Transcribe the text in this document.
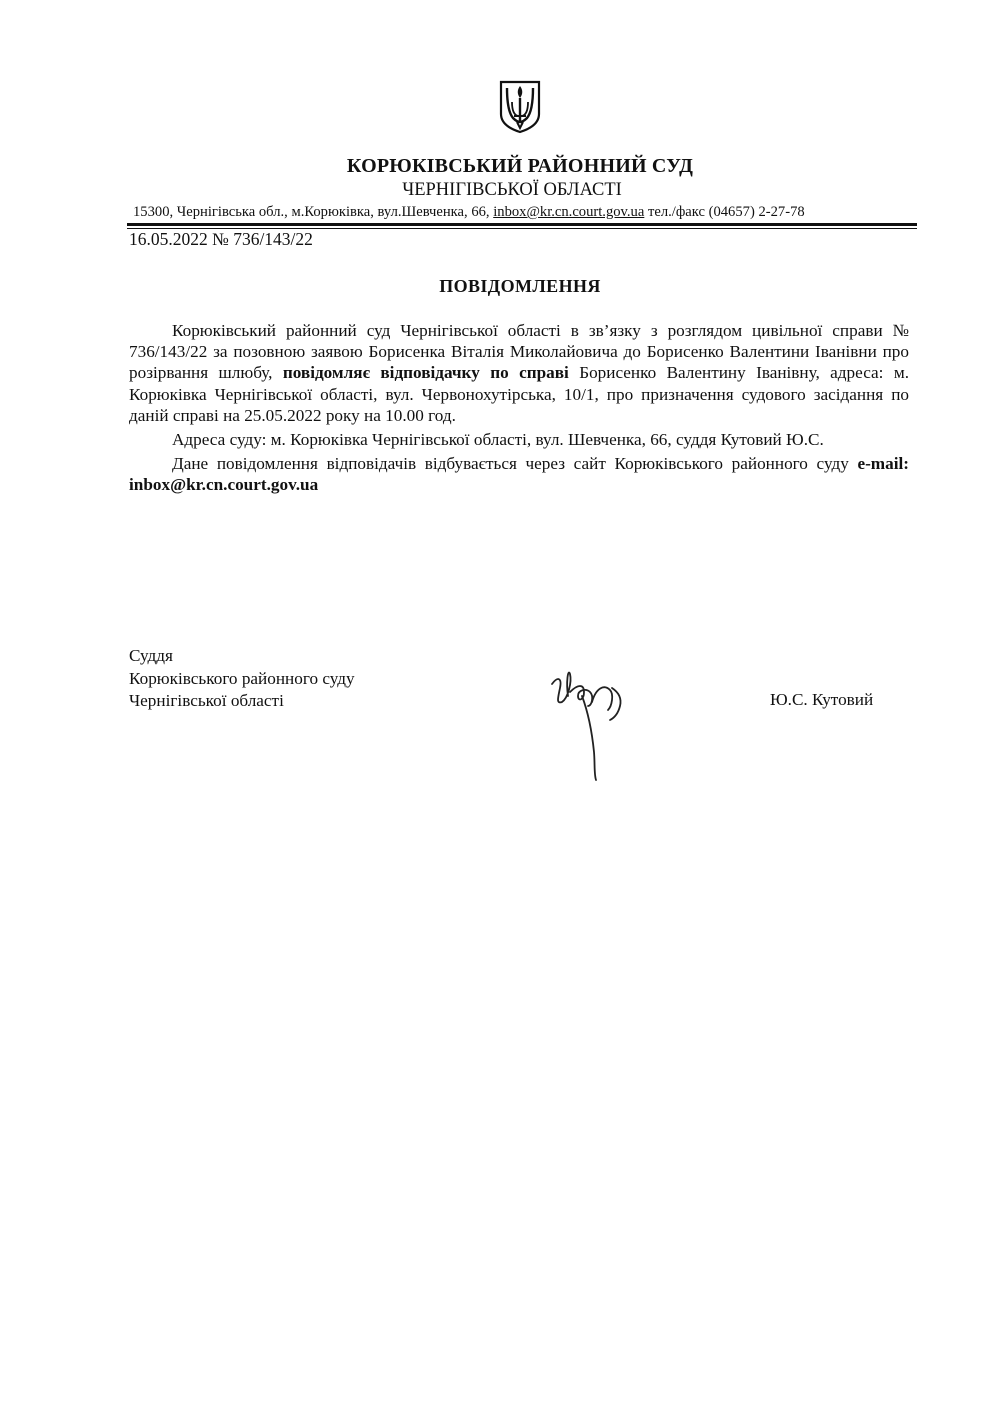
КОРЮКІВСЬКИЙ РАЙОННИЙ СУД
ЧЕРНІГІВСЬКОЇ ОБЛАСТІ
15300, Чернігівська обл., м.Корюківка, вул.Шевченка, 66, inbox@kr.cn.court.gov.ua тел./факс (04657) 2-27-78
16.05.2022 № 736/143/22
ПОВІДОМЛЕННЯ

Корюківський районний суд Чернігівської області в зв’язку з розглядом цивільної справи № 736/143/22 за позовною заявою Борисенка Віталія Миколайовича до Борисенко Валентини Іванівни про розірвання шлюбу, повідомляє відповідачку по справі Борисенко Валентину Іванівну, адреса: м. Корюківка Чернігівської області, вул. Червонохутірська, 10/1, про призначення судового засідання по даній справі на 25.05.2022 року на 10.00 год.

Адреса суду: м. Корюківка Чернігівської області, вул. Шевченка, 66, суддя Кутовий Ю.С.

Дане повідомлення відповідачів відбувається через сайт Корюківського районного суду e-mail: inbox@kr.cn.court.gov.ua

Суддя
Корюківського районного суду
Чернігівської області	Ю.С. Кутовий
